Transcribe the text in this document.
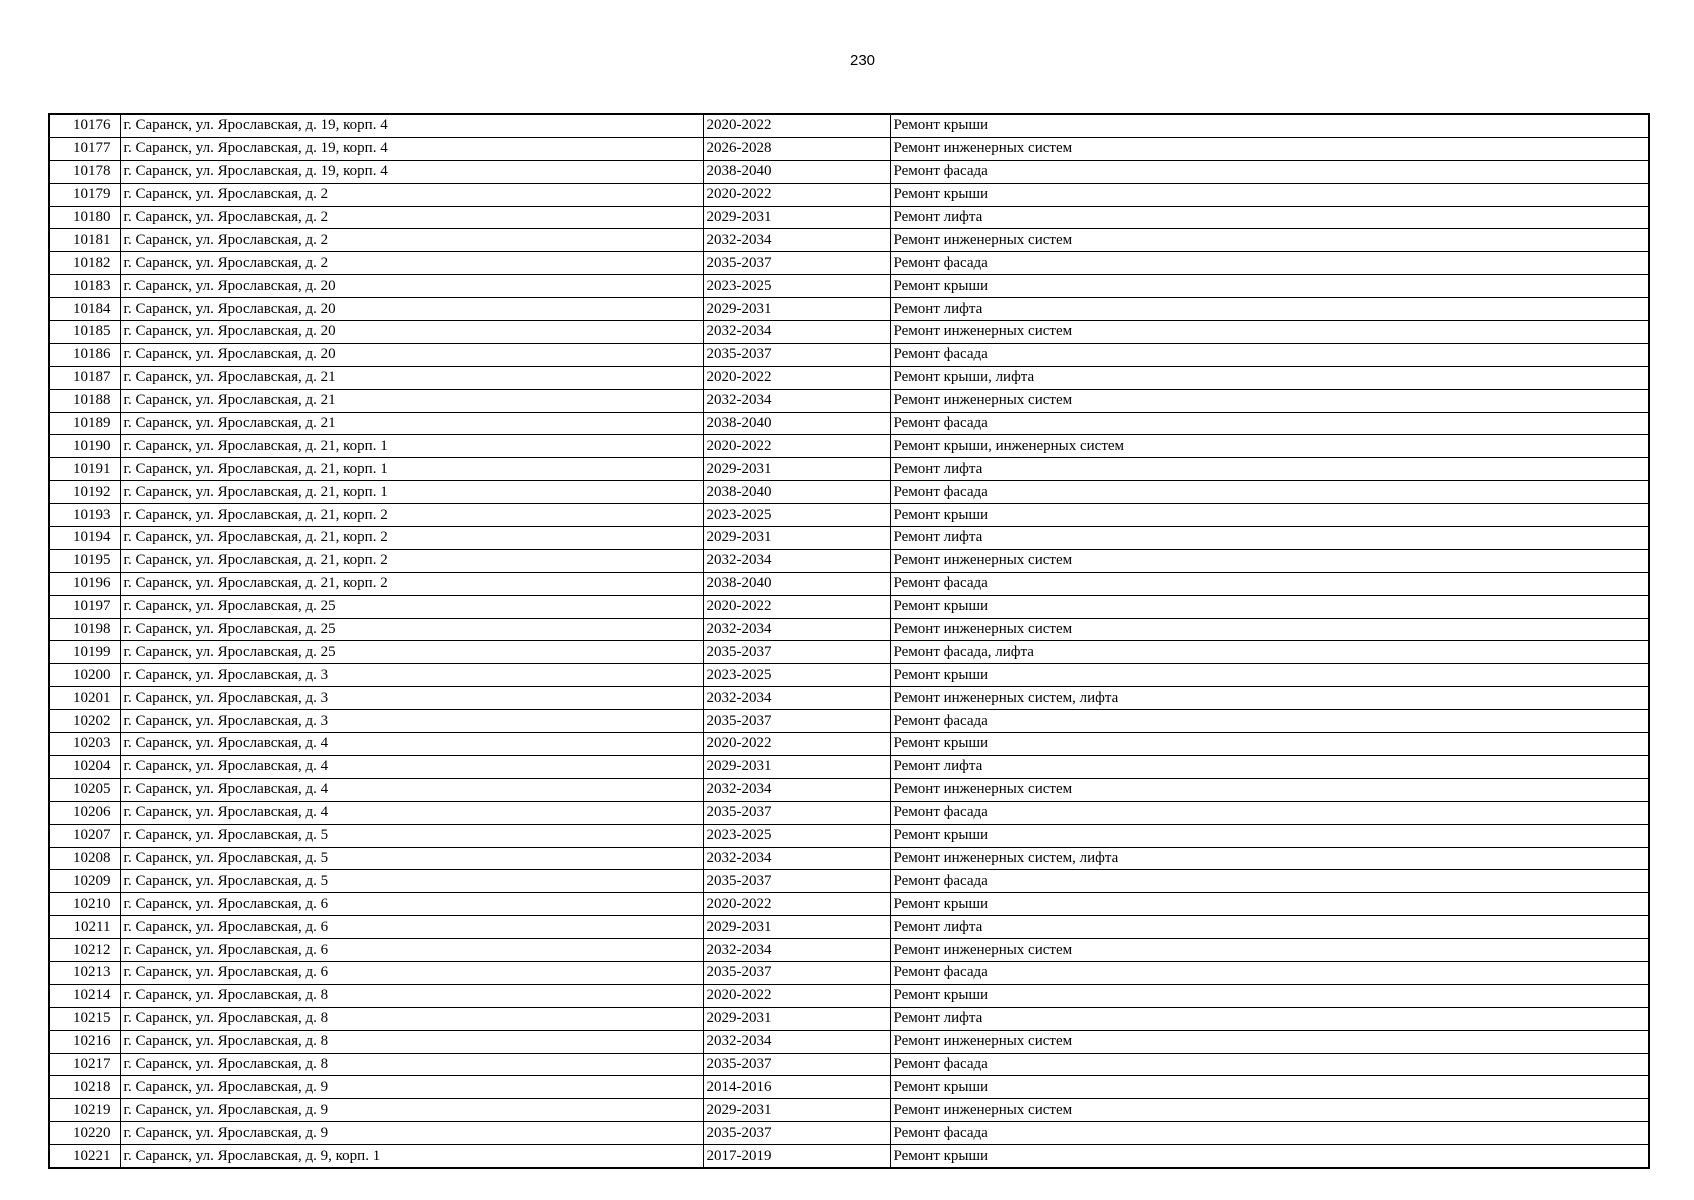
230
10176	г. Саранск, ул. Ярославская, д. 19, корп. 4	2020-2022	Ремонт крыши
10177	г. Саранск, ул. Ярославская, д. 19, корп. 4	2026-2028	Ремонт инженерных систем
10178	г. Саранск, ул. Ярославская, д. 19, корп. 4	2038-2040	Ремонт фасада
10179	г. Саранск, ул. Ярославская, д. 2	2020-2022	Ремонт крыши
10180	г. Саранск, ул. Ярославская, д. 2	2029-2031	Ремонт лифта
10181	г. Саранск, ул. Ярославская, д. 2	2032-2034	Ремонт инженерных систем
10182	г. Саранск, ул. Ярославская, д. 2	2035-2037	Ремонт фасада
10183	г. Саранск, ул. Ярославская, д. 20	2023-2025	Ремонт крыши
10184	г. Саранск, ул. Ярославская, д. 20	2029-2031	Ремонт лифта
10185	г. Саранск, ул. Ярославская, д. 20	2032-2034	Ремонт инженерных систем
10186	г. Саранск, ул. Ярославская, д. 20	2035-2037	Ремонт фасада
10187	г. Саранск, ул. Ярославская, д. 21	2020-2022	Ремонт крыши, лифта
10188	г. Саранск, ул. Ярославская, д. 21	2032-2034	Ремонт инженерных систем
10189	г. Саранск, ул. Ярославская, д. 21	2038-2040	Ремонт фасада
10190	г. Саранск, ул. Ярославская, д. 21, корп. 1	2020-2022	Ремонт крыши, инженерных систем
10191	г. Саранск, ул. Ярославская, д. 21, корп. 1	2029-2031	Ремонт лифта
10192	г. Саранск, ул. Ярославская, д. 21, корп. 1	2038-2040	Ремонт фасада
10193	г. Саранск, ул. Ярославская, д. 21, корп. 2	2023-2025	Ремонт крыши
10194	г. Саранск, ул. Ярославская, д. 21, корп. 2	2029-2031	Ремонт лифта
10195	г. Саранск, ул. Ярославская, д. 21, корп. 2	2032-2034	Ремонт инженерных систем
10196	г. Саранск, ул. Ярославская, д. 21, корп. 2	2038-2040	Ремонт фасада
10197	г. Саранск, ул. Ярославская, д. 25	2020-2022	Ремонт крыши
10198	г. Саранск, ул. Ярославская, д. 25	2032-2034	Ремонт инженерных систем
10199	г. Саранск, ул. Ярославская, д. 25	2035-2037	Ремонт фасада, лифта
10200	г. Саранск, ул. Ярославская, д. 3	2023-2025	Ремонт крыши
10201	г. Саранск, ул. Ярославская, д. 3	2032-2034	Ремонт инженерных систем, лифта
10202	г. Саранск, ул. Ярославская, д. 3	2035-2037	Ремонт фасада
10203	г. Саранск, ул. Ярославская, д. 4	2020-2022	Ремонт крыши
10204	г. Саранск, ул. Ярославская, д. 4	2029-2031	Ремонт лифта
10205	г. Саранск, ул. Ярославская, д. 4	2032-2034	Ремонт инженерных систем
10206	г. Саранск, ул. Ярославская, д. 4	2035-2037	Ремонт фасада
10207	г. Саранск, ул. Ярославская, д. 5	2023-2025	Ремонт крыши
10208	г. Саранск, ул. Ярославская, д. 5	2032-2034	Ремонт инженерных систем, лифта
10209	г. Саранск, ул. Ярославская, д. 5	2035-2037	Ремонт фасада
10210	г. Саранск, ул. Ярославская, д. 6	2020-2022	Ремонт крыши
10211	г. Саранск, ул. Ярославская, д. 6	2029-2031	Ремонт лифта
10212	г. Саранск, ул. Ярославская, д. 6	2032-2034	Ремонт инженерных систем
10213	г. Саранск, ул. Ярославская, д. 6	2035-2037	Ремонт фасада
10214	г. Саранск, ул. Ярославская, д. 8	2020-2022	Ремонт крыши
10215	г. Саранск, ул. Ярославская, д. 8	2029-2031	Ремонт лифта
10216	г. Саранск, ул. Ярославская, д. 8	2032-2034	Ремонт инженерных систем
10217	г. Саранск, ул. Ярославская, д. 8	2035-2037	Ремонт фасада
10218	г. Саранск, ул. Ярославская, д. 9	2014-2016	Ремонт крыши
10219	г. Саранск, ул. Ярославская, д. 9	2029-2031	Ремонт инженерных систем
10220	г. Саранск, ул. Ярославская, д. 9	2035-2037	Ремонт фасада
10221	г. Саранск, ул. Ярославская, д. 9, корп. 1	2017-2019	Ремонт крыши
